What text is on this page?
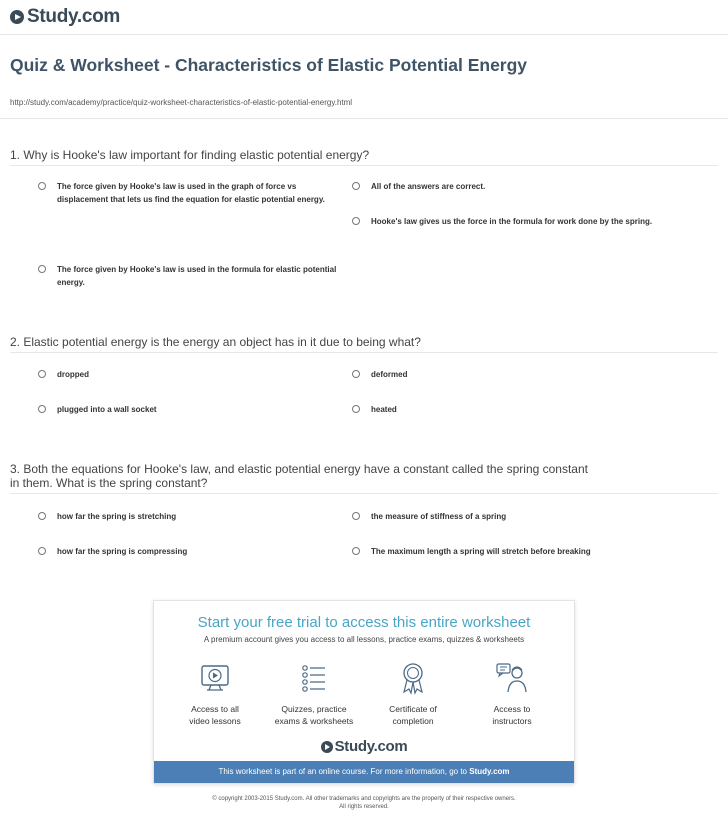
Study.com
Quiz & Worksheet - Characteristics of Elastic Potential Energy
http://study.com/academy/practice/quiz-worksheet-characteristics-of-elastic-potential-energy.html
1. Why is Hooke's law important for finding elastic potential energy?
The force given by Hooke's law is used in the graph of force vs displacement that lets us find the equation for elastic potential energy.
All of the answers are correct.
Hooke's law gives us the force in the formula for work done by the spring.
The force given by Hooke's law is used in the formula for elastic potential energy.
2. Elastic potential energy is the energy an object has in it due to being what?
dropped	deformed
plugged into a wall socket	heated
3. Both the equations for Hooke's law, and elastic potential energy have a constant called the spring constant in them. What is the spring constant?
how far the spring is stretching	the measure of stiffness of a spring
how far the spring is compressing	The maximum length a spring will stretch before breaking
Start your free trial to access this entire worksheet
A premium account gives you access to all lessons, practice exams, quizzes & worksheets
Access to all
video lessons
Quizzes, practice
exams & worksheets
Certificate of
completion
Access to
instructors
Study.com
This worksheet is part of an online course. For more information, go to Study.com
© copyright 2003-2015 Study.com. All other trademarks and copyrights are the property of their respective owners.
All rights reserved.
